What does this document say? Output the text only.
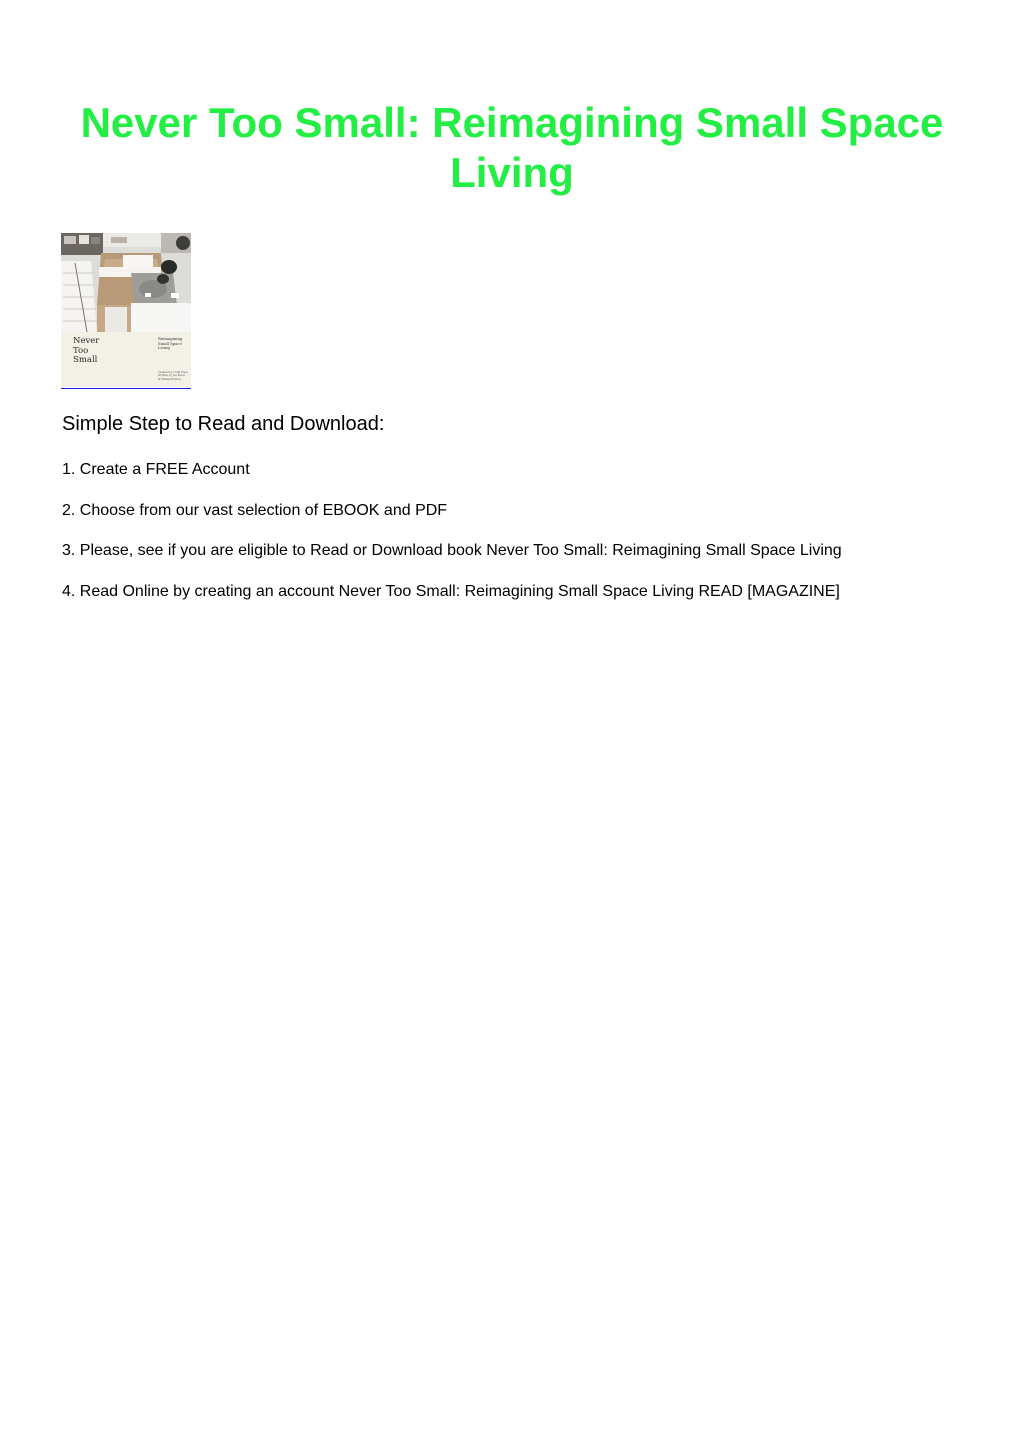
Never Too Small: Reimagining Small Space Living
Never
Too
Small
Reimagining
Small Space
Living
Created by Colin Chee
Written by Joe Rossi
& Elizabeth Price
Simple Step to Read and Download:
1. Create a FREE Account
2. Choose from our vast selection of EBOOK and PDF
3. Please, see if you are eligible to Read or Download book Never Too Small: Reimagining Small Space Living
4. Read Online by creating an account Never Too Small: Reimagining Small Space Living READ [MAGAZINE]
